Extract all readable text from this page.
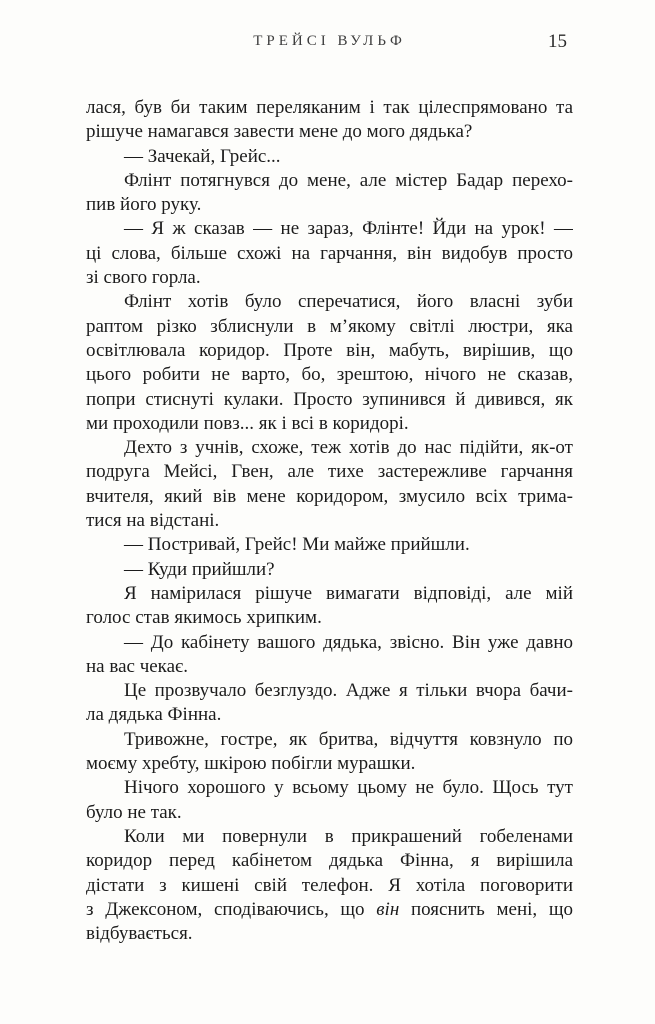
ТРЕЙСІ ВУЛЬФ	15
лася, був би таким переляканим і так цілеспрямовано та
рішуче намагався завести мене до мого дядька?
— Зачекай, Грейс...
Флінт потягнувся до мене, але містер Бадар перехо-
пив його руку.
— Я ж сказав — не зараз, Флінте! Йди на урок! —
ці слова, більше схожі на гарчання, він видобув просто
зі свого горла.
Флінт хотів було сперечатися, його власні зуби
раптом різко зблиснули в м’якому світлі люстри, яка
освітлювала коридор. Проте він, мабуть, вирішив, що
цього робити не варто, бо, зрештою, нічого не сказав,
попри стиснуті кулаки. Просто зупинився й дивився, як
ми проходили повз... як і всі в коридорі.
Дехто з учнів, схоже, теж хотів до нас підійти, як-от
подруга Мейсі, Гвен, але тихе застережливе гарчання
вчителя, який вів мене коридором, змусило всіх трима-
тися на відстані.
— Постривай, Грейс! Ми майже прийшли.
— Куди прийшли?
Я намірилася рішуче вимагати відповіді, але мій
голос став якимось хрипким.
— До кабінету вашого дядька, звісно. Він уже давно
на вас чекає.
Це прозвучало безглуздо. Адже я тільки вчора бачи-
ла дядька Фінна.
Тривожне, гостре, як бритва, відчуття ковзнуло по
моєму хребту, шкірою побігли мурашки.
Нічого хорошого у всьому цьому не було. Щось тут
було не так.
Коли ми повернули в прикрашений гобеленами
коридор перед кабінетом дядька Фінна, я вирішила
дістати з кишені свій телефон. Я хотіла поговорити
з Джексоном, сподіваючись, що він пояснить мені, що
відбувається.
